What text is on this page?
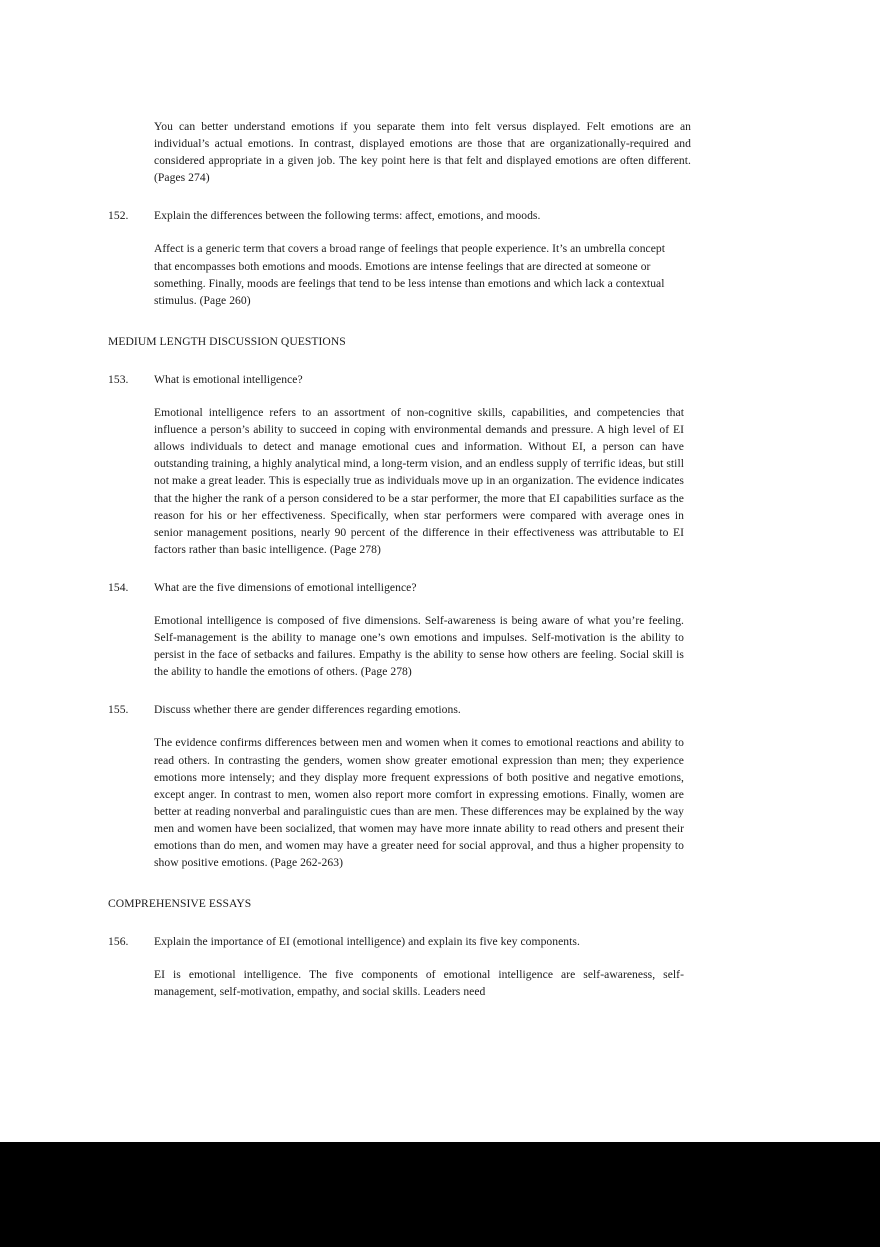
You can better understand emotions if you separate them into felt versus displayed. Felt emotions are an individual’s actual emotions. In contrast, displayed emotions are those that are organizationally-required and considered appropriate in a given job. The key point here is that felt and displayed emotions are often different. (Pages 274)

152.	Explain the differences between the following terms: affect, emotions, and moods.

Affect is a generic term that covers a broad range of feelings that people experience. It’s an umbrella concept that encompasses both emotions and moods. Emotions are intense feelings that are directed at someone or something. Finally, moods are feelings that tend to be less intense than emotions and which lack a contextual stimulus. (Page 260)

MEDIUM LENGTH DISCUSSION QUESTIONS

153.	What is emotional intelligence?

Emotional intelligence refers to an assortment of non-cognitive skills, capabilities, and competencies that influence a person’s ability to succeed in coping with environmental demands and pressure. A high level of EI allows individuals to detect and manage emotional cues and information. Without EI, a person can have outstanding training, a highly analytical mind, a long-term vision, and an endless supply of terrific ideas, but still not make a great leader. This is especially true as individuals move up in an organization. The evidence indicates that the higher the rank of a person considered to be a star performer, the more that EI capabilities surface as the reason for his or her effectiveness. Specifically, when star performers were compared with average ones in senior management positions, nearly 90 percent of the difference in their effectiveness was attributable to EI factors rather than basic intelligence. (Page 278)

154.	What are the five dimensions of emotional intelligence?

Emotional intelligence is composed of five dimensions. Self-awareness is being aware of what you’re feeling. Self-management is the ability to manage one’s own emotions and impulses. Self-motivation is the ability to persist in the face of setbacks and failures. Empathy is the ability to sense how others are feeling. Social skill is the ability to handle the emotions of others. (Page 278)

155.	Discuss whether there are gender differences regarding emotions.

The evidence confirms differences between men and women when it comes to emotional reactions and ability to read others. In contrasting the genders, women show greater emotional expression than men; they experience emotions more intensely; and they display more frequent expressions of both positive and negative emotions, except anger. In contrast to men, women also report more comfort in expressing emotions. Finally, women are better at reading nonverbal and paralinguistic cues than are men. These differences may be explained by the way men and women have been socialized, that women may have more innate ability to read others and present their emotions than do men, and women may have a greater need for social approval, and thus a higher propensity to show positive emotions. (Page 262-263)

COMPREHENSIVE ESSAYS

156.	Explain the importance of EI (emotional intelligence) and explain its five key components.

EI is emotional intelligence. The five components of emotional intelligence are self-awareness, self-management, self-motivation, empathy, and social skills. Leaders need
